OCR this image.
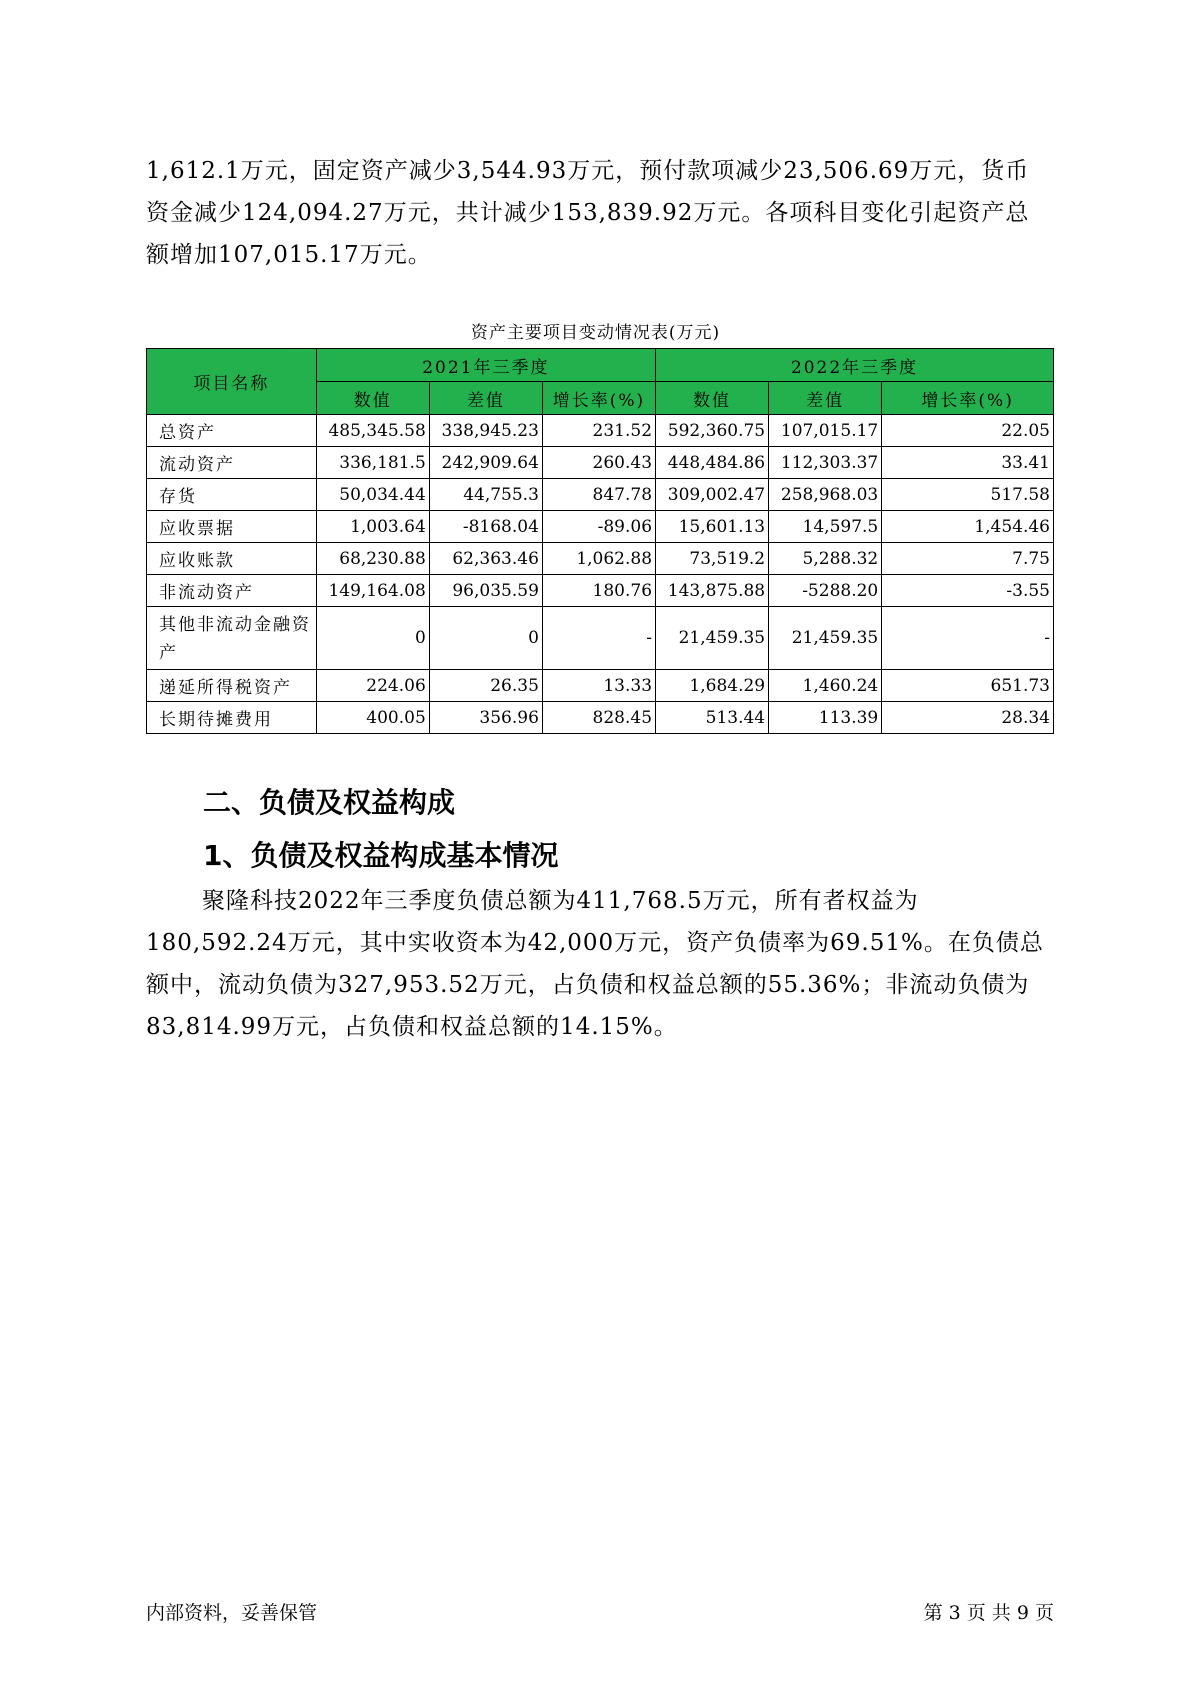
1,612.1万元，固定资产减少3,544.93万元，预付款项减少23,506.69万元，货币资金减少124,094.27万元，共计减少153,839.92万元。各项科目变化引起资产总额增加107,015.17万元。

资产主要项目变动情况表(万元)
项目名称	2021年三季度			2022年三季度		
	数值	差值	增长率(%)	数值	差值	增长率(%)
总资产	485,345.58	338,945.23	231.52	592,360.75	107,015.17	22.05
流动资产	336,181.5	242,909.64	260.43	448,484.86	112,303.37	33.41
存货	50,034.44	44,755.3	847.78	309,002.47	258,968.03	517.58
应收票据	1,003.64	-8168.04	-89.06	15,601.13	14,597.5	1,454.46
应收账款	68,230.88	62,363.46	1,062.88	73,519.2	5,288.32	7.75
非流动资产	149,164.08	96,035.59	180.76	143,875.88	-5288.20	-3.55
其他非流动金融资产	0	0	-	21,459.35	21,459.35	-
递延所得税资产	224.06	26.35	13.33	1,684.29	1,460.24	651.73
长期待摊费用	400.05	356.96	828.45	513.44	113.39	28.34
二、负债及权益构成
1、负债及权益构成基本情况

聚隆科技2022年三季度负债总额为411,768.5万元，所有者权益为180,592.24万元，其中实收资本为42,000万元，资产负债率为69.51%。在负债总额中，流动负债为327,953.52万元，占负债和权益总额的55.36%；非流动负债为83,814.99万元，占负债和权益总额的14.15%。

内部资料，妥善保管	第 3 页 共 9 页
